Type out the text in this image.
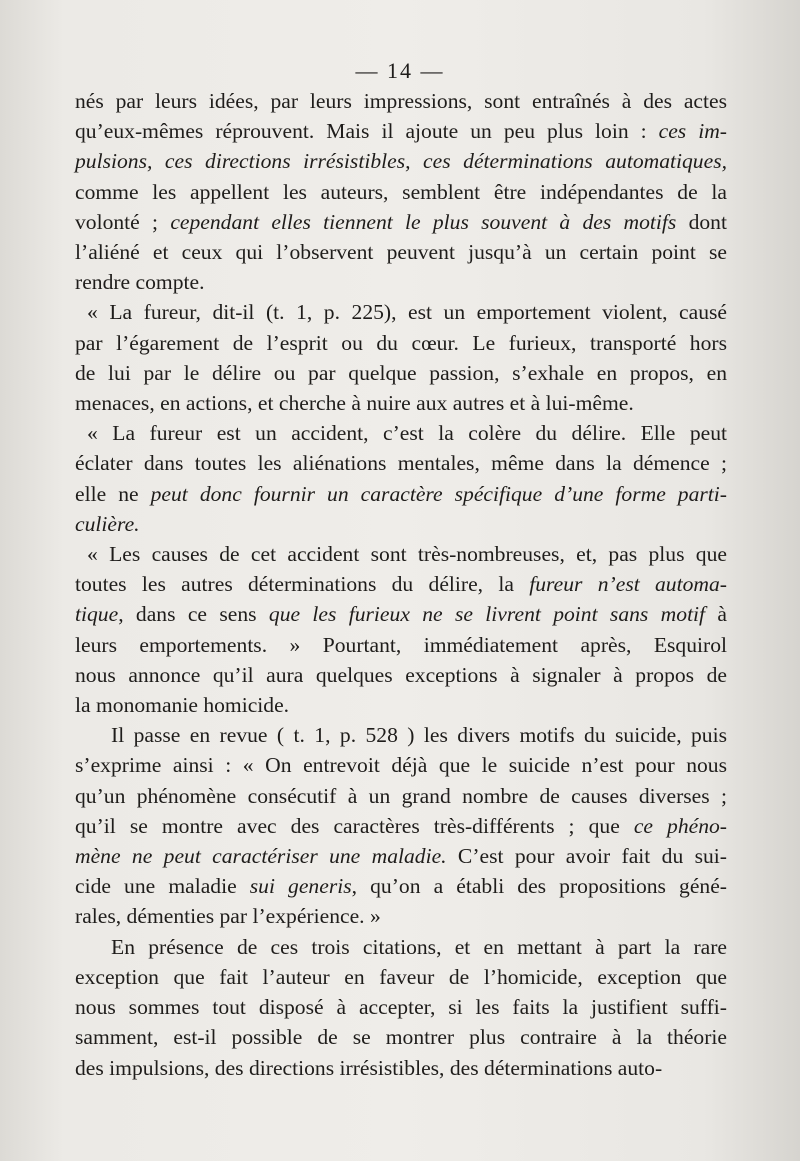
— 14 —
nés par leurs idées, par leurs impressions, sont entraînés à des actes
qu’eux-mêmes réprouvent. Mais il ajoute un peu plus loin : ces im-
pulsions, ces directions irrésistibles, ces déterminations automatiques,
comme les appellent les auteurs, semblent être indépendantes de la
volonté ; cependant elles tiennent le plus souvent à des motifs dont
l’aliéné et ceux qui l’observent peuvent jusqu’à un certain point se
rendre compte.
« La fureur, dit-il (t. 1, p. 225), est un emportement violent, causé
par l’égarement de l’esprit ou du cœur. Le furieux, transporté hors
de lui par le délire ou par quelque passion, s’exhale en propos, en
menaces, en actions, et cherche à nuire aux autres et à lui-même.
« La fureur est un accident, c’est la colère du délire. Elle peut
éclater dans toutes les aliénations mentales, même dans la démence ;
elle ne peut donc fournir un caractère spécifique d’une forme parti-
culière.
« Les causes de cet accident sont très-nombreuses, et, pas plus que
toutes les autres déterminations du délire, la fureur n’est automa-
tique, dans ce sens que les furieux ne se livrent point sans motif à
leurs emportements. » Pourtant, immédiatement après, Esquirol
nous annonce qu’il aura quelques exceptions à signaler à propos de
la monomanie homicide.
Il passe en revue ( t. 1, p. 528 ) les divers motifs du suicide, puis
s’exprime ainsi : « On entrevoit déjà que le suicide n’est pour nous
qu’un phénomène consécutif à un grand nombre de causes diverses ;
qu’il se montre avec des caractères très-différents ; que ce phéno-
mène ne peut caractériser une maladie. C’est pour avoir fait du sui-
cide une maladie sui generis, qu’on a établi des propositions géné-
rales, démenties par l’expérience. »
En présence de ces trois citations, et en mettant à part la rare
exception que fait l’auteur en faveur de l’homicide, exception que
nous sommes tout disposé à accepter, si les faits la justifient suffi-
samment, est-il possible de se montrer plus contraire à la théorie
des impulsions, des directions irrésistibles, des déterminations auto-
